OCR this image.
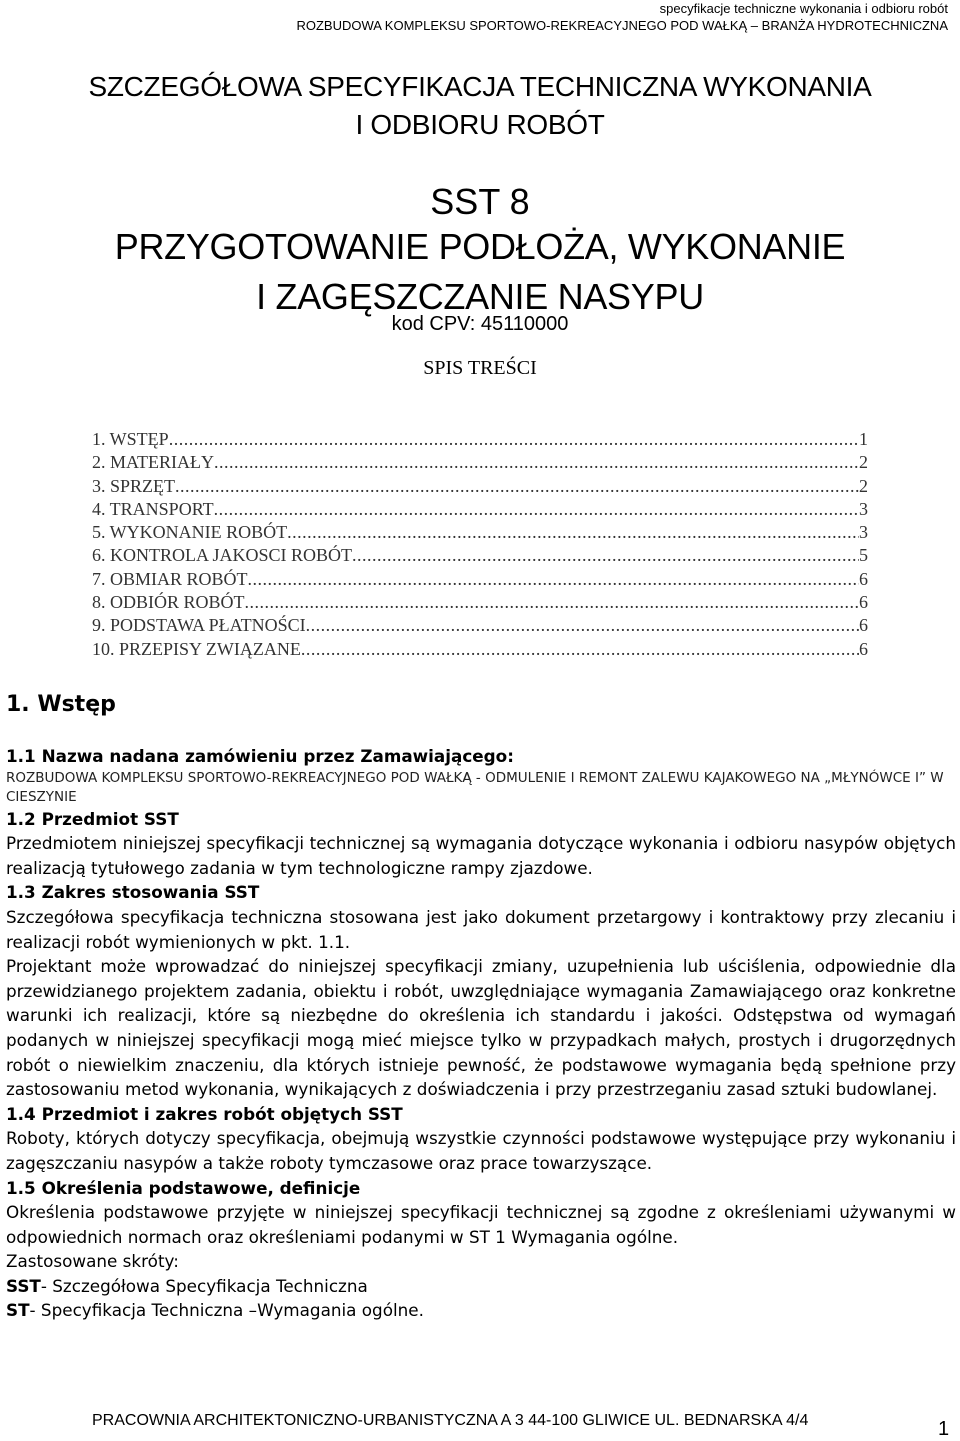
specyfikacje techniczne wykonania i odbioru robót
ROZBUDOWA KOMPLEKSU SPORTOWO-REKREACYJNEGO POD WAŁKĄ – BRANŻA HYDROTECHNICZNA
SZCZEGÓŁOWA SPECYFIKACJA TECHNICZNA WYKONANIA
I ODBIORU ROBÓT
SST 8
PRZYGOTOWANIE PODŁOŻA, WYKONANIE
I ZAGĘSZCZANIE NASYPU
kod CPV: 45110000
SPIS TREŚCI
1. WSTĘP .....	1
2. MATERIAŁY .....	2
3. SPRZĘT .....	2
4. TRANSPORT .....	3
5. WYKONANIE ROBÓT .....	3
6. KONTROLA JAKOSCI ROBÓT .....	5
7. OBMIAR ROBÓT .....	6
8. ODBIÓR ROBÓT .....	6
9. PODSTAWA PŁATNOŚCI .....	6
10. PRZEPISY ZWIĄZANE .....	6
1. Wstęp
1.1 Nazwa nadana zamówieniu przez Zamawiającego:
ROZBUDOWA KOMPLEKSU SPORTOWO-REKREACYJNEGO POD WAŁKĄ - ODMULENIE I REMONT ZALEWU KAJAKOWEGO NA „MŁYNÓWCE I” W CIESZYNIE
1.2 Przedmiot SST
Przedmiotem niniejszej specyfikacji technicznej są wymagania dotyczące wykonania i odbioru nasypów objętych realizacją tytułowego zadania w tym technologiczne rampy zjazdowe.
1.3 Zakres stosowania SST
Szczegółowa specyfikacja techniczna stosowana jest jako dokument przetargowy i kontraktowy przy zlecaniu i realizacji robót wymienionych w pkt. 1.1.
Projektant może wprowadzać do niniejszej specyfikacji zmiany, uzupełnienia lub uściślenia, odpowiednie dla przewidzianego projektem zadania, obiektu i robót, uwzględniające wymagania Zamawiającego oraz konkretne warunki ich realizacji, które są niezbędne do określenia ich standardu i jakości. Odstępstwa od wymagań podanych w niniejszej specyfikacji mogą mieć miejsce tylko w przypadkach małych, prostych i drugorzędnych robót o niewielkim znaczeniu, dla których istnieje pewność, że podstawowe wymagania będą spełnione przy zastosowaniu metod wykonania, wynikających z doświadczenia i przy przestrzeganiu zasad sztuki budowlanej.
1.4 Przedmiot i zakres robót objętych SST
Roboty, których dotyczy specyfikacja, obejmują wszystkie czynności podstawowe występujące przy wykonaniu i zagęszczaniu nasypów a także roboty tymczasowe oraz prace towarzyszące.
1.5 Określenia podstawowe, definicje
Określenia podstawowe przyjęte w niniejszej specyfikacji technicznej są zgodne z określeniami używanymi w odpowiednich normach oraz określeniami podanymi w ST 1 Wymagania ogólne.
Zastosowane skróty:
SST- Szczegółowa Specyfikacja Techniczna
ST- Specyfikacja Techniczna –Wymagania ogólne.
PRACOWNIA ARCHITEKTONICZNO-URBANISTYCZNA A 3 44-100 GLIWICE UL. BEDNARSKA 4/4	1
